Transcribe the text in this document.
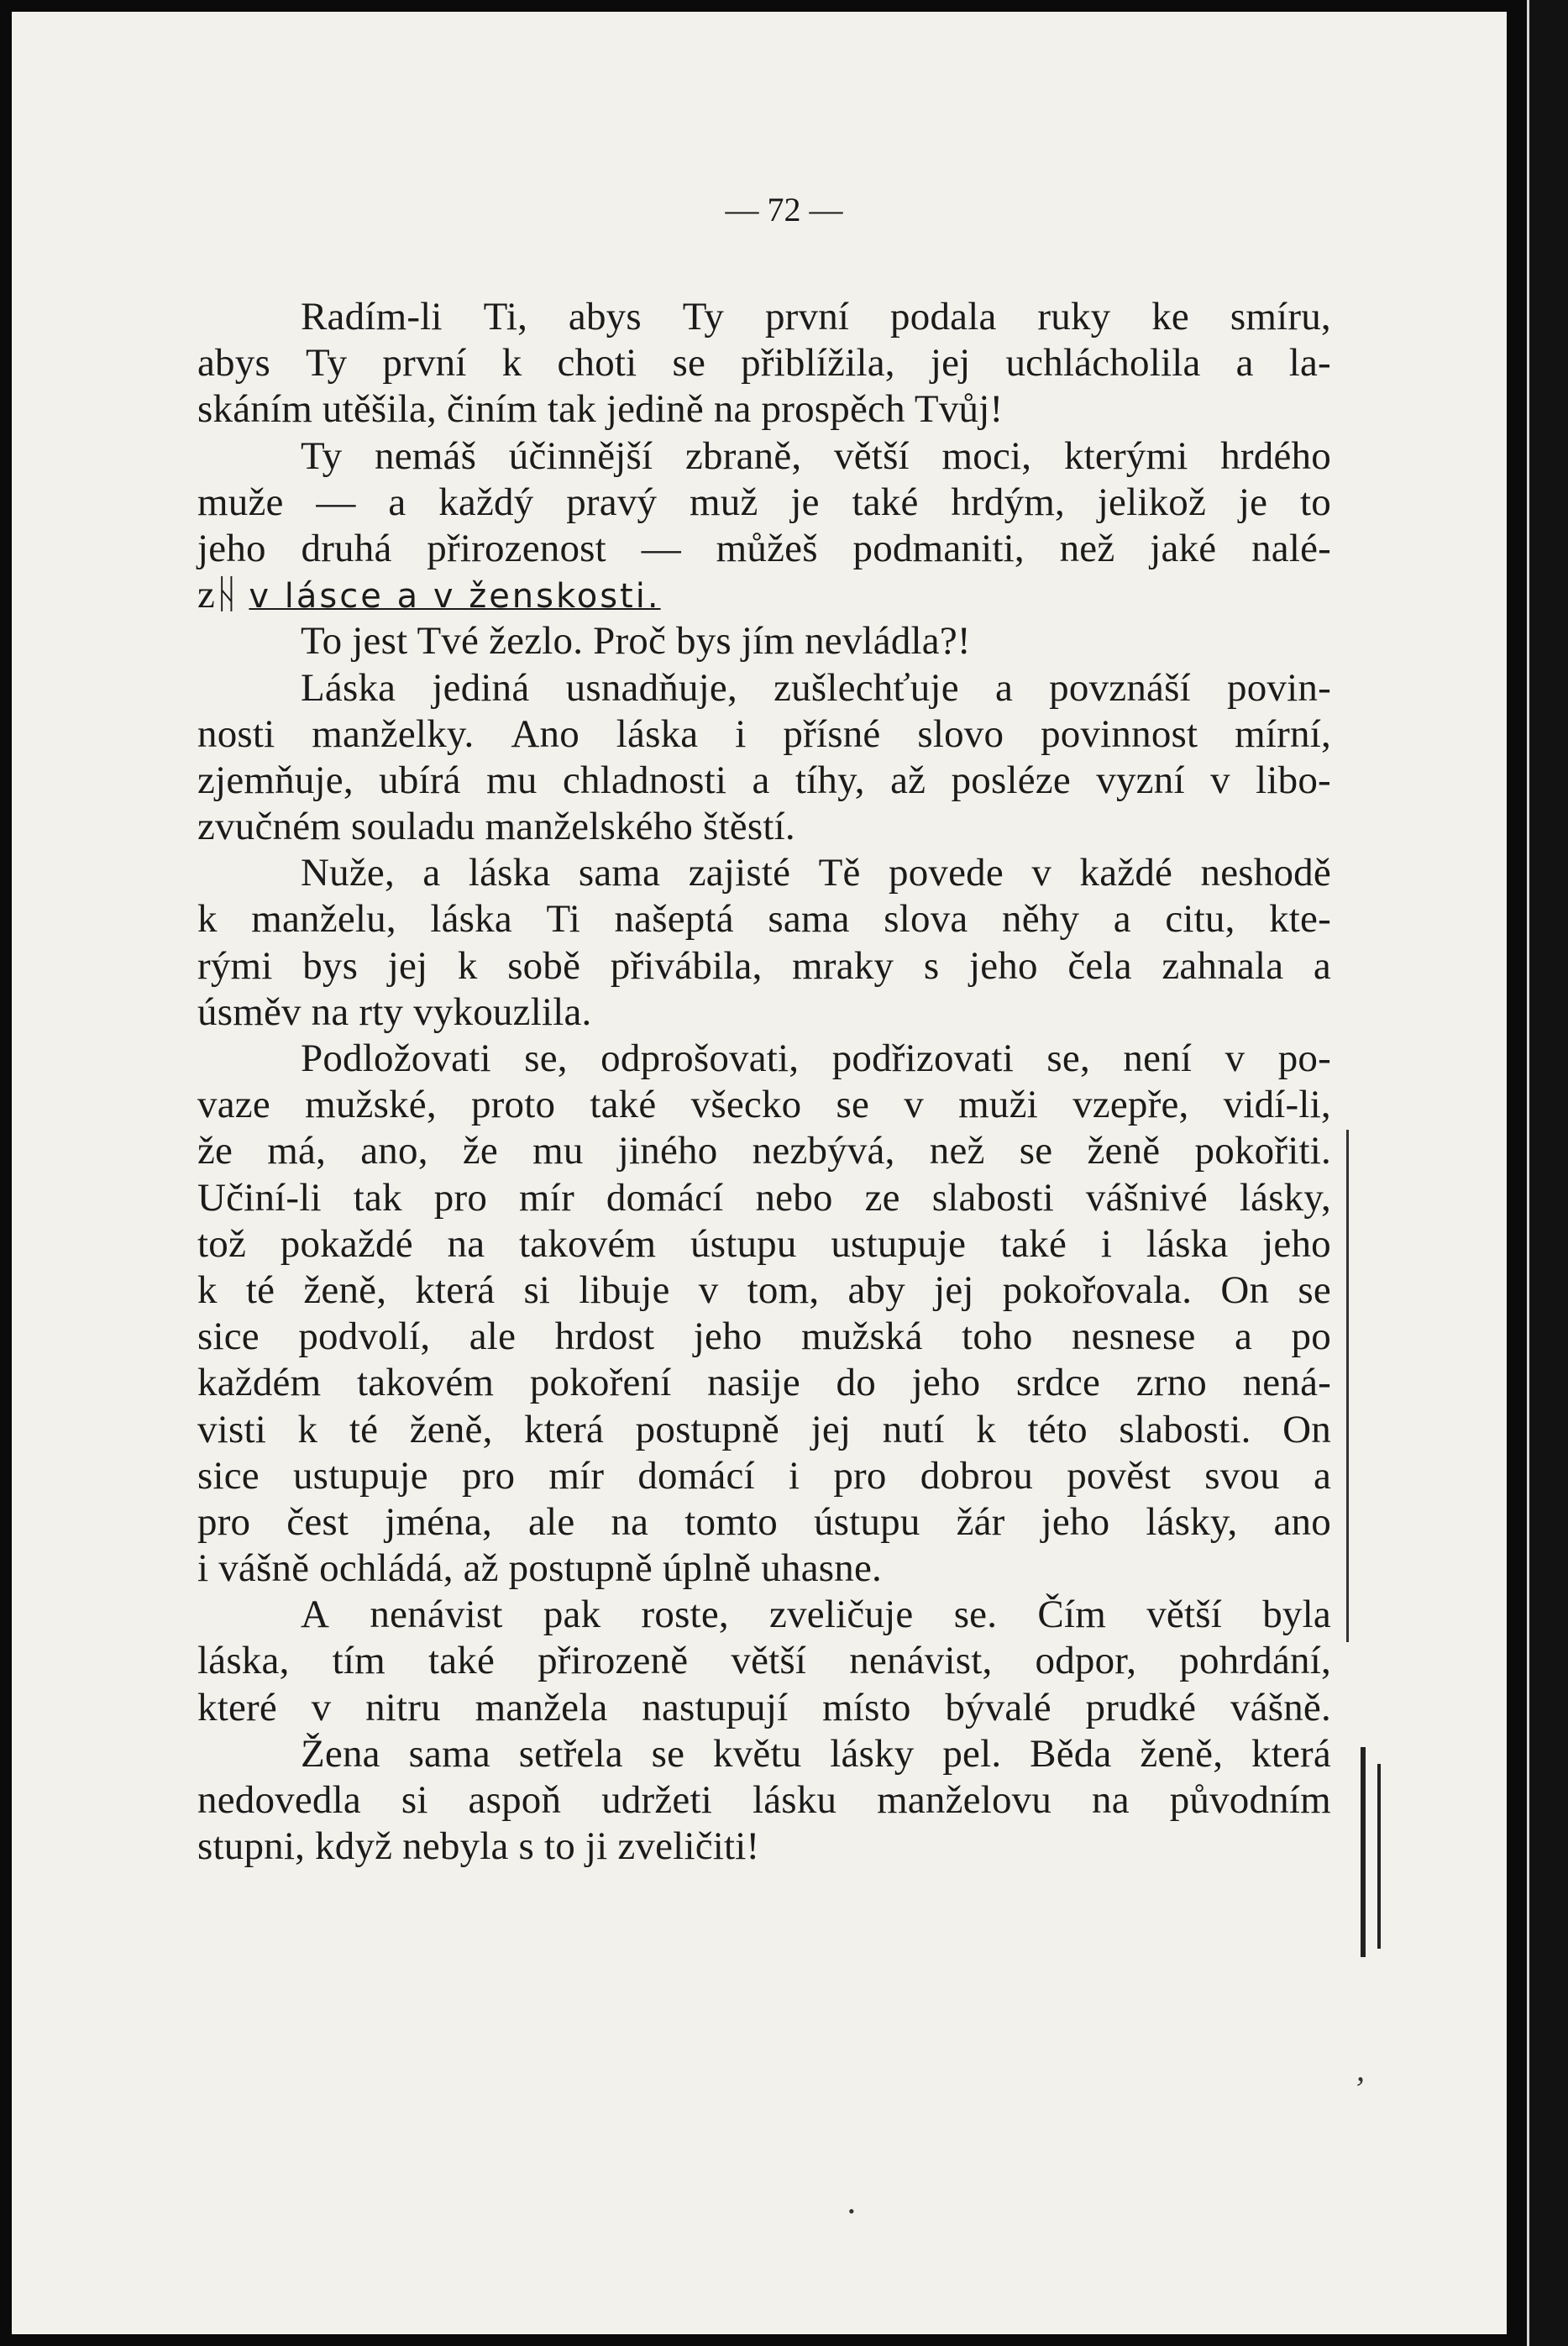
— 72 —
Radím-li Ti, abys Ty první podala ruky ke smíru,
abys Ty první k choti se přiblížila, jej uchlácholila a la-
skáním utěšila, činím tak jedině na prospěch Tvůj!
Ty nemáš účinnější zbraně, větší moci, kterými hrdého
muže — a každý pravý muž je také hrdým, jelikož je to
jeho druhá přirozenost — můžeš podmaniti, než jaké nalé-
zᚺ v lásce a v ženskosti.
To jest Tvé žezlo. Proč bys jím nevládla?!
Láska jediná usnadňuje, zušlechťuje a povznáší povin-
nosti manželky. Ano láska i přísné slovo povinnost mírní,
zjemňuje, ubírá mu chladnosti a tíhy, až posléze vyzní v libo-
zvučném souladu manželského štěstí.
Nuže, a láska sama zajisté Tě povede v každé neshodě
k manželu, láska Ti našeptá sama slova něhy a citu, kte-
rými bys jej k sobě přivábila, mraky s jeho čela zahnala a
úsměv na rty vykouzlila.
Podložovati se, odprošovati, podřizovati se, není v po-
vaze mužské, proto také všecko se v muži vzepře, vidí-li,
že má, ano, že mu jiného nezbývá, než se ženě pokořiti.
Učiní-li tak pro mír domácí nebo ze slabosti vášnivé lásky,
tož pokaždé na takovém ústupu ustupuje také i láska jeho
k té ženě, která si libuje v tom, aby jej pokořovala. On se
sice podvolí, ale hrdost jeho mužská toho nesnese a po
každém takovém pokoření nasije do jeho srdce zrno nená-
visti k té ženě, která postupně jej nutí k této slabosti. On
sice ustupuje pro mír domácí i pro dobrou pověst svou a
pro čest jména, ale na tomto ústupu žár jeho lásky, ano
i vášně ochládá, až postupně úplně uhasne.
A nenávist pak roste, zveličuje se. Čím větší byla
láska, tím také přirozeně větší nenávist, odpor, pohrdání,
které v nitru manžela nastupují místo bývalé prudké vášně.
Žena sama setřela se květu lásky pel. Běda ženě, která
nedovedla si aspoň udržeti lásku manželovu na původním
stupni, když nebyla s to ji zveličiti!
,
•
